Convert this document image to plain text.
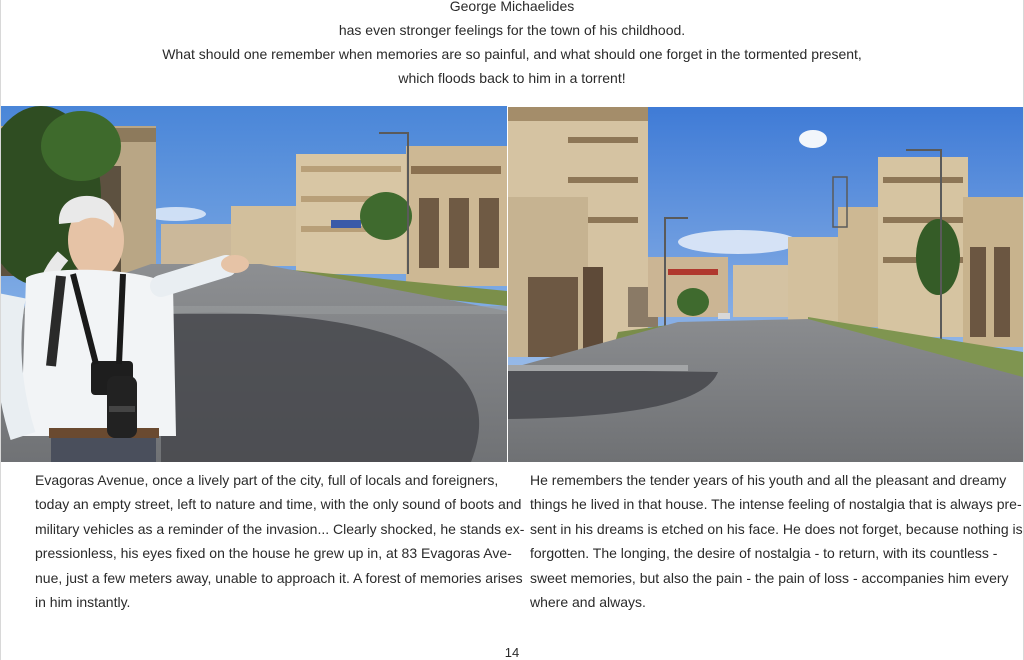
George Michaelides
has even stronger feelings for the town of his childhood.
What should one remember when memories are so painful, and what should one forget in the tormented present,
which floods back to him in a torrent!
Evagoras Avenue, once a lively part of the city, full of locals and foreigners,
today an empty street, left to nature and time, with the only sound of boots and
military vehicles as a reminder of the invasion... Clearly shocked, he stands ex-
pressionless, his eyes fixed on the house he grew up in, at 83 Evagoras Ave-
nue, just a few meters away, unable to approach it. A forest of memories arises
in him instantly.
He remembers the tender years of his youth and all the pleasant and dreamy
things he lived in that house. The intense feeling of nostalgia that is always pre-
sent in his dreams is etched on his face. He does not forget, because nothing is
forgotten. The longing, the desire of nostalgia - to return, with its countless -
sweet memories, but also the pain - the pain of loss - accompanies him every
where and always.
14
